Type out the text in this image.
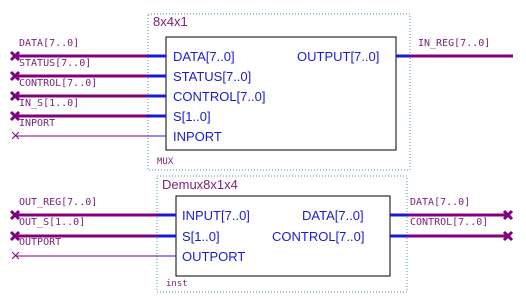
8x4x1
MUX
DATA[7..0]
STATUS[7..0]
CONTROL[7..0]
S[1..0]
INPORT
OUTPUT[7..0]
DATA[7..0]
STATUS[7..0]
CONTROL[7..0]
IN_S[1..0]
INPORT
IN_REG[7..0]
Demux8x1x4
inst
INPUT[7..0]
S[1..0]
OUTPORT
DATA[7..0]
CONTROL[7..0]
OUT_REG[7..0]
OUT_S[1..0]
OUTPORT
DATA[7..0]
CONTROL[7..0]
